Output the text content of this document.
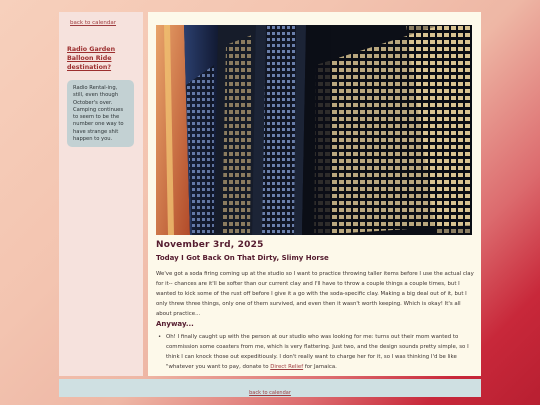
back to calendar
Radio Garden Balloon Ride destination?
Radio Rental-ing, still, even though October's over. Camping continues to seem to be the number one way to have strange shit happen to you.
November 3rd, 2025
Today I Got Back On That Dirty, Slimy Horse

We've got a soda firing coming up at the studio so I want to practice throwing taller items before I use the actual clay for it-- chances are it'll be softer than our current clay and I'll have to throw a couple things a couple times, but I wanted to kick some of the rust off before I give it a go with the soda-specific clay. Making a big deal out of it, but I only threw three things, only one of them survived, and even then it wasn't worth keeping. Which is okay! It's all about practice...

Anyway...
• Oh! I finally caught up with the person at our studio who was looking for me: turns out their mom wanted to commission some coasters from me, which is very flattering. Just two, and the design sounds pretty simple, so I think I can knock those out expeditiously. I don't really want to charge her for it, so I was thinking I'd be like "whatever you want to pay, donate to Direct Relief for Jamaica.
back to calendar
